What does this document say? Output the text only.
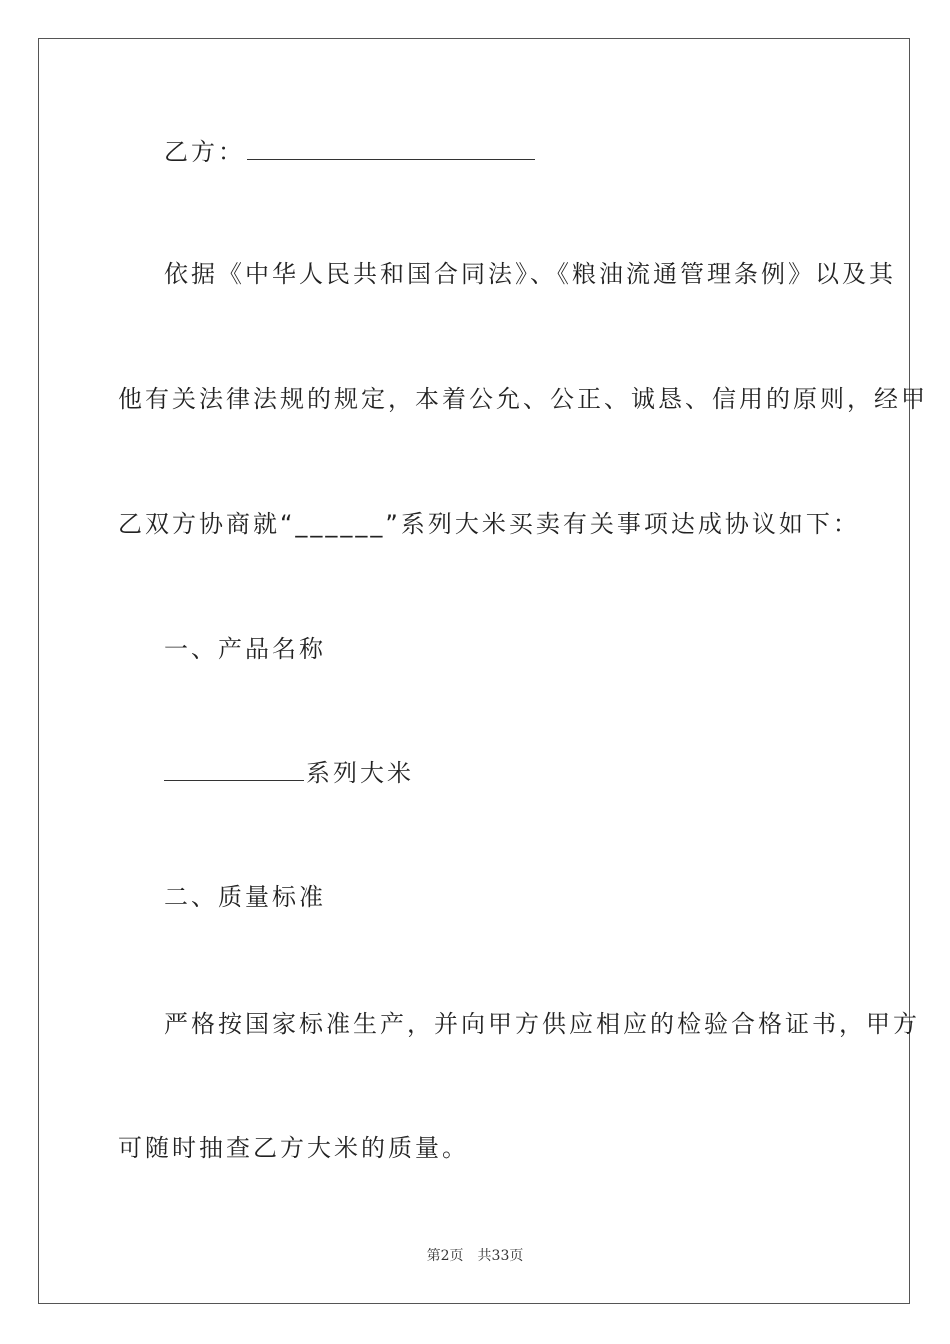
乙方：

依据《中华人民共和国合同法》、《粮油流通管理条例》以及其

他有关法律法规的规定，本着公允、公正、诚恳、信用的原则，经甲

乙双方协商就“______”系列大米买卖有关事项达成协议如下：

一、产品名称

系列大米

二、质量标准

严格按国家标准生产，并向甲方供应相应的检验合格证书，甲方

可随时抽查乙方大米的质量。

第2页 共33页
